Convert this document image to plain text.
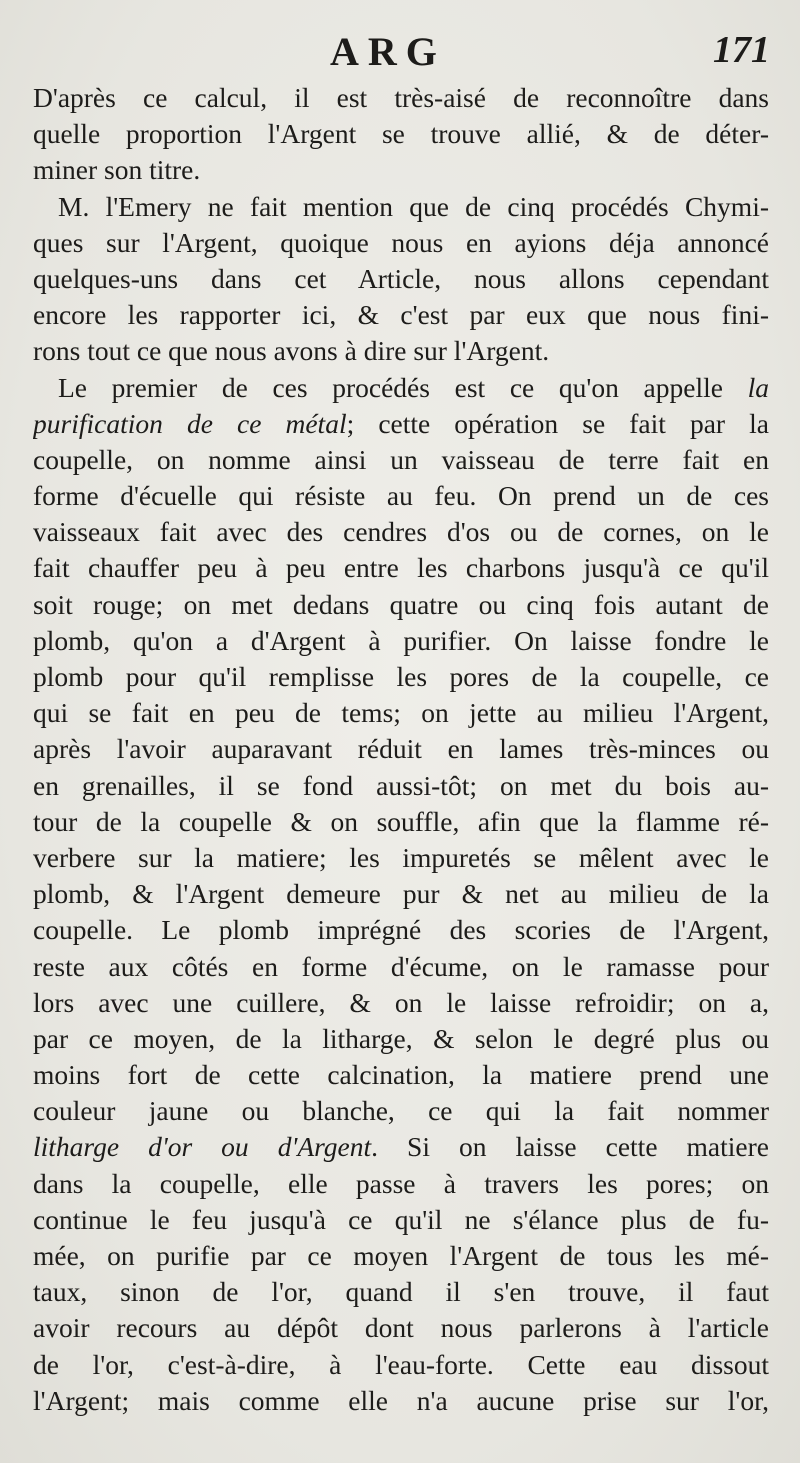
ARG	171
D'après ce calcul, il est très-aisé de reconnoître dans
quelle proportion l'Argent se trouve allié, & de déter-
miner son titre.
M. l'Emery ne fait mention que de cinq procédés Chymi-
ques sur l'Argent, quoique nous en ayions déja annoncé
quelques-uns dans cet Article, nous allons cependant
encore les rapporter ici, & c'est par eux que nous fini-
rons tout ce que nous avons à dire sur l'Argent.
Le premier de ces procédés est ce qu'on appelle la
purification de ce métal; cette opération se fait par la
coupelle, on nomme ainsi un vaisseau de terre fait en
forme d'écuelle qui résiste au feu. On prend un de ces
vaisseaux fait avec des cendres d'os ou de cornes, on le
fait chauffer peu à peu entre les charbons jusqu'à ce qu'il
soit rouge; on met dedans quatre ou cinq fois autant de
plomb, qu'on a d'Argent à purifier. On laisse fondre le
plomb pour qu'il remplisse les pores de la coupelle, ce
qui se fait en peu de tems; on jette au milieu l'Argent,
après l'avoir auparavant réduit en lames très-minces ou
en grenailles, il se fond aussi-tôt; on met du bois au-
tour de la coupelle & on souffle, afin que la flamme ré-
verbere sur la matiere; les impuretés se mêlent avec le
plomb, & l'Argent demeure pur & net au milieu de la
coupelle. Le plomb imprégné des scories de l'Argent,
reste aux côtés en forme d'écume, on le ramasse pour
lors avec une cuillere, & on le laisse refroidir; on a,
par ce moyen, de la litharge, & selon le degré plus ou
moins fort de cette calcination, la matiere prend une
couleur jaune ou blanche, ce qui la fait nommer
litharge d'or ou d'Argent. Si on laisse cette matiere
dans la coupelle, elle passe à travers les pores; on
continue le feu jusqu'à ce qu'il ne s'élance plus de fu-
mée, on purifie par ce moyen l'Argent de tous les mé-
taux, sinon de l'or, quand il s'en trouve, il faut
avoir recours au dépôt dont nous parlerons à l'article
de l'or, c'est-à-dire, à l'eau-forte. Cette eau dissout
l'Argent; mais comme elle n'a aucune prise sur l'or,
